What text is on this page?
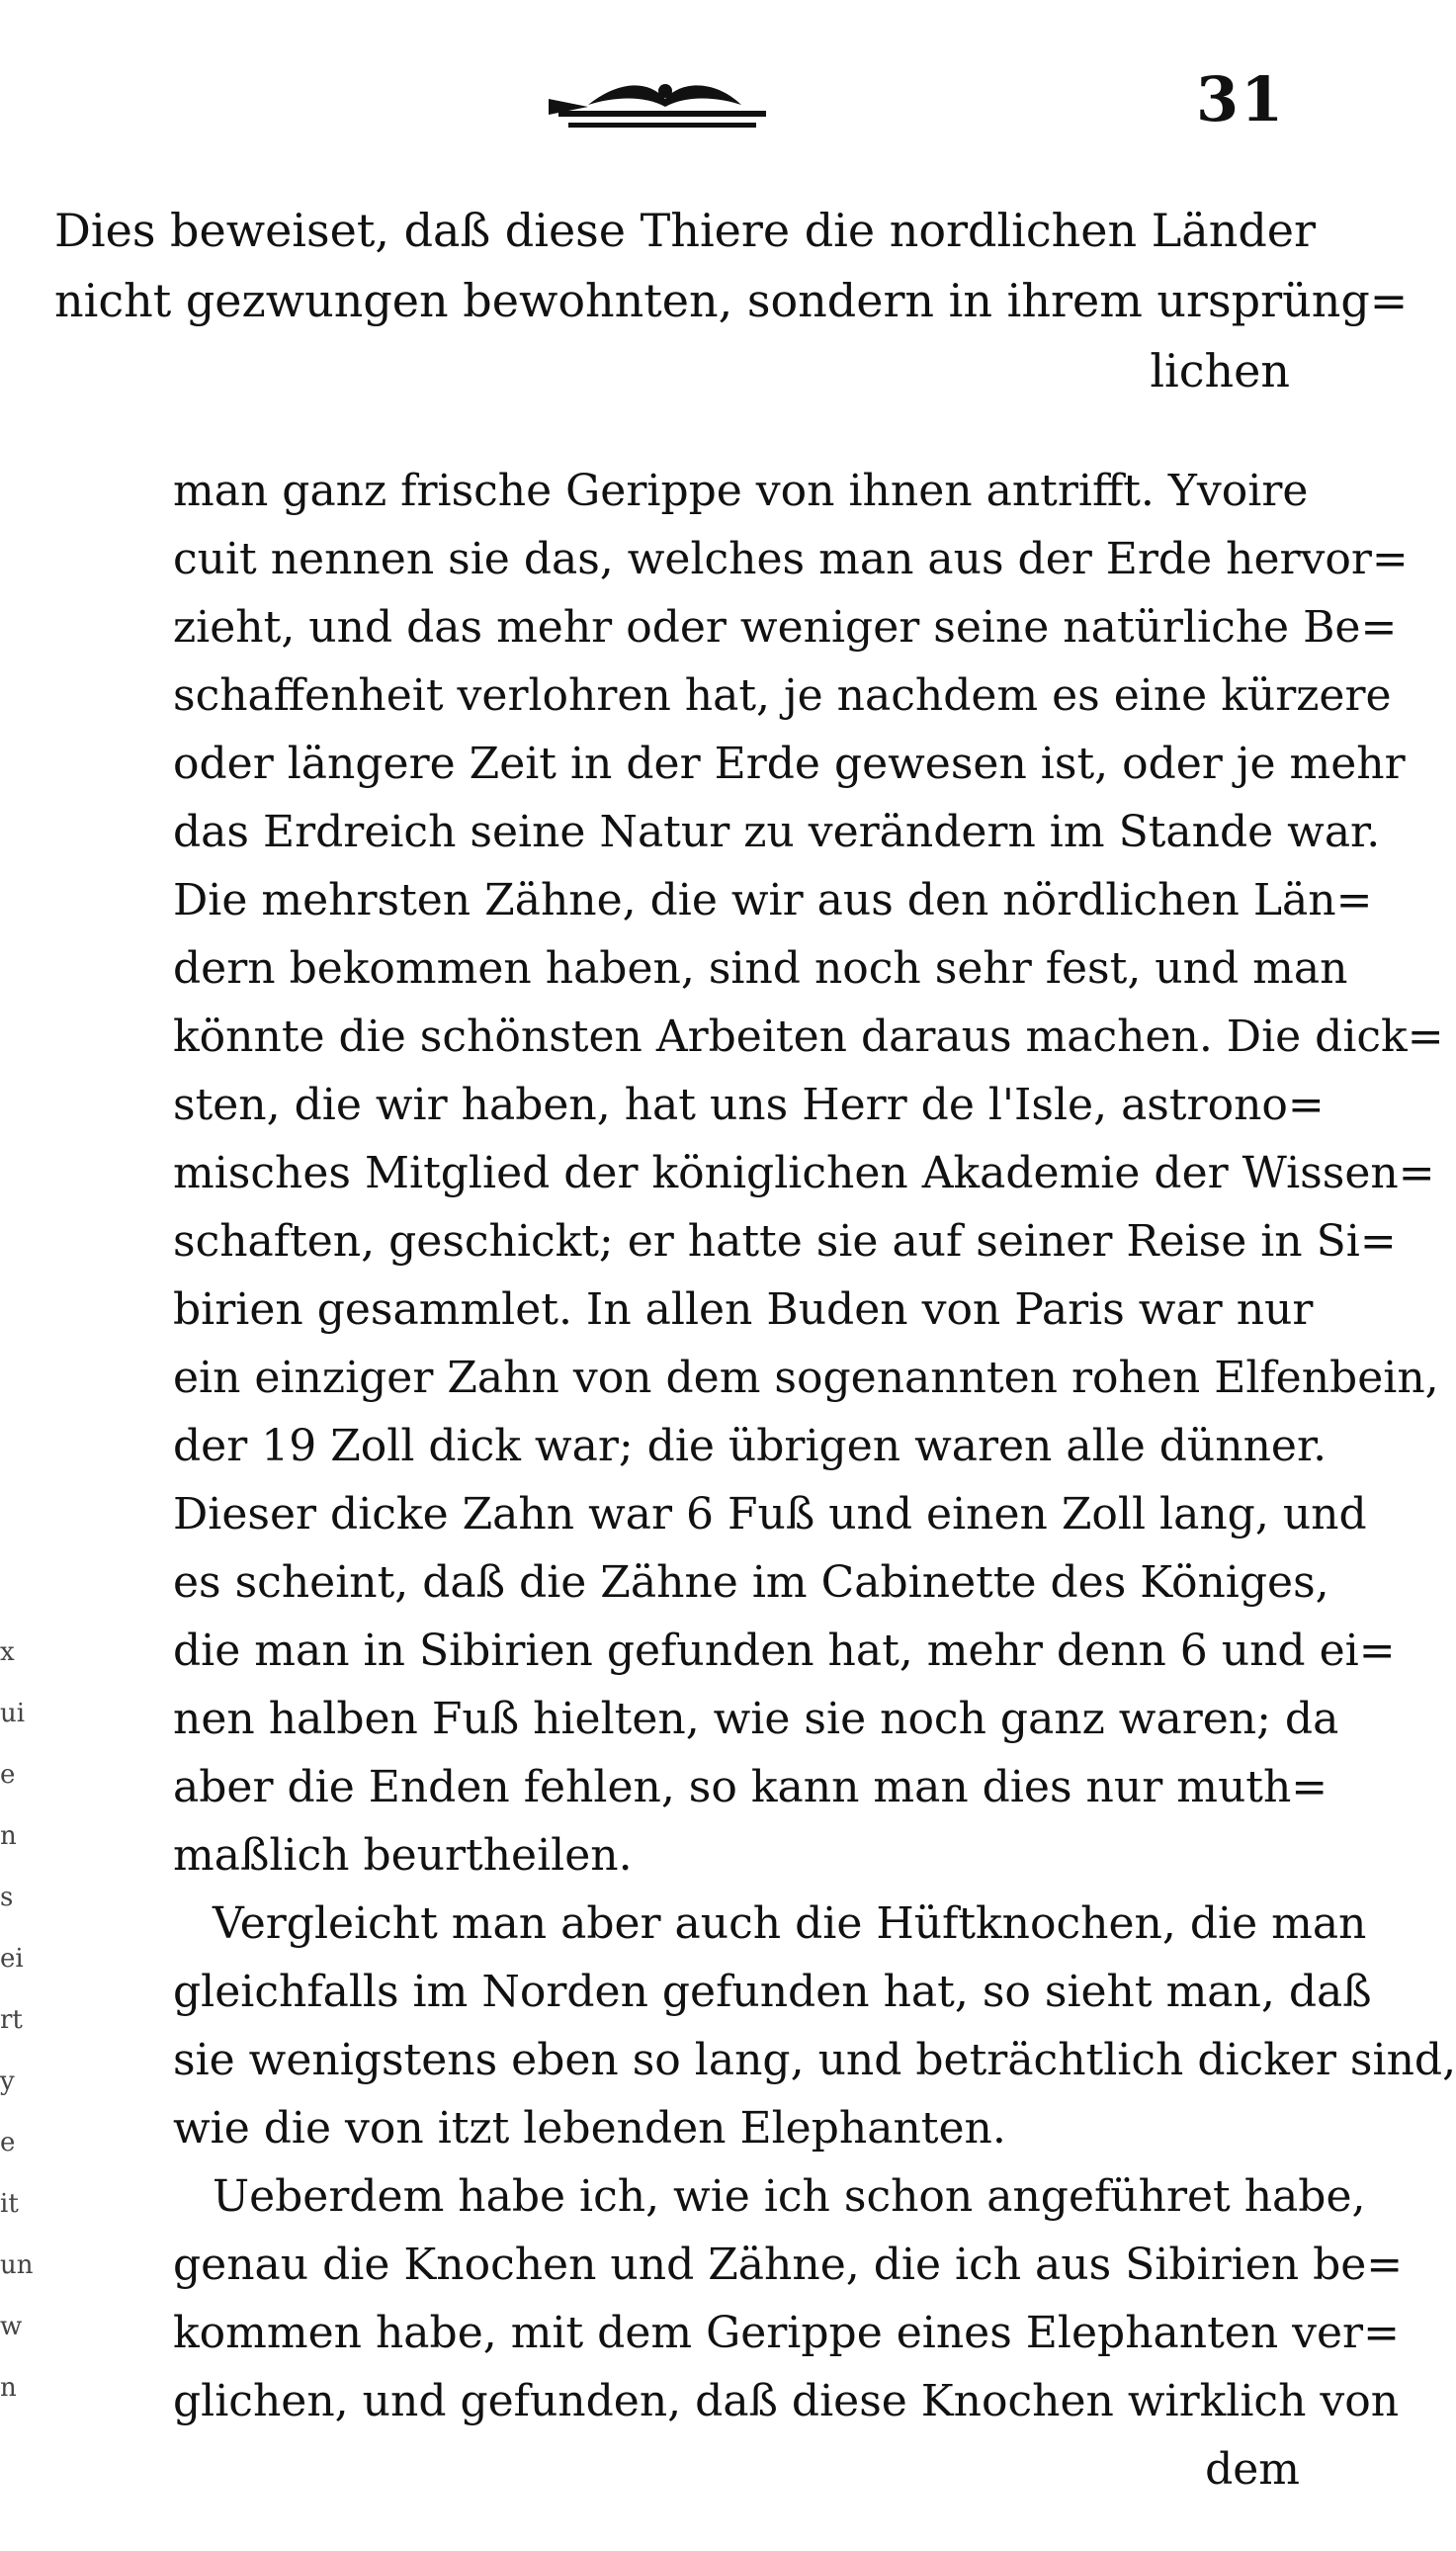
x
ui
e
n
s
ei
rt
y
e
it
un
w
n
31
Dies beweiset, daß diese Thiere die nordlichen Länder
nicht gezwungen bewohnten, sondern in ihrem ursprüng=
lichen
man ganz frische Gerippe von ihnen antrifft. Yvoire
cuit nennen sie das, welches man aus der Erde hervor=
zieht, und das mehr oder weniger seine natürliche Be=
schaffenheit verlohren hat, je nachdem es eine kürzere
oder längere Zeit in der Erde gewesen ist, oder je mehr
das Erdreich seine Natur zu verändern im Stande war.
Die mehrsten Zähne, die wir aus den nördlichen Län=
dern bekommen haben, sind noch sehr fest, und man
könnte die schönsten Arbeiten daraus machen. Die dick=
sten, die wir haben, hat uns Herr de l'Isle, astrono=
misches Mitglied der königlichen Akademie der Wissen=
schaften, geschickt; er hatte sie auf seiner Reise in Si=
birien gesammlet. In allen Buden von Paris war nur
ein einziger Zahn von dem sogenannten rohen Elfenbein,
der 19 Zoll dick war; die übrigen waren alle dünner.
Dieser dicke Zahn war 6 Fuß und einen Zoll lang, und
es scheint, daß die Zähne im Cabinette des Königes,
die man in Sibirien gefunden hat, mehr denn 6 und ei=
nen halben Fuß hielten, wie sie noch ganz waren; da
aber die Enden fehlen, so kann man dies nur muth=
maßlich beurtheilen.
Vergleicht man aber auch die Hüftknochen, die man
gleichfalls im Norden gefunden hat, so sieht man, daß
sie wenigstens eben so lang, und beträchtlich dicker sind,
wie die von itzt lebenden Elephanten.
Ueberdem habe ich, wie ich schon angeführet habe,
genau die Knochen und Zähne, die ich aus Sibirien be=
kommen habe, mit dem Gerippe eines Elephanten ver=
glichen, und gefunden, daß diese Knochen wirklich von
dem
